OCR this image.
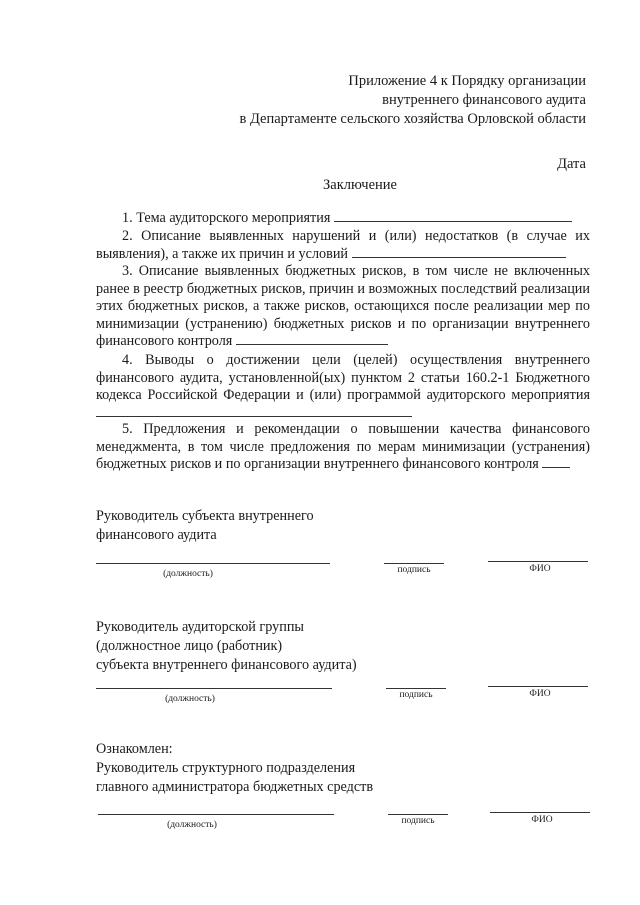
Приложение 4 к Порядку организации
внутреннего финансового аудита
в Департаменте сельского хозяйства Орловской области
Дата
Заключение
1. Тема аудиторского мероприятия
2. Описание выявленных нарушений и (или) недостатков (в случае их выявления), а также их причин и условий
3. Описание выявленных бюджетных рисков, в том числе не включенных ранее в реестр бюджетных рисков, причин и возможных последствий реализации этих бюджетных рисков, а также рисков, остающихся после реализации мер по минимизации (устранению) бюджетных рисков и по организации внутреннего финансового контроля
4. Выводы о достижении цели (целей) осуществления внутреннего финансового аудита, установленной(ых) пунктом 2 статьи 160.2-1 Бюджетного кодекса Российской Федерации и (или) программой аудиторского мероприятия
5. Предложения и рекомендации о повышении качества финансового менеджмента, в том числе предложения по мерам минимизации (устранения) бюджетных рисков и по организации внутреннего финансового контроля
Руководитель субъекта внутреннего
финансового аудита
(должность)	подпись	ФИО
Руководитель аудиторской группы
(должностное лицо (работник)
субъекта внутреннего финансового аудита)
(должность)	подпись	ФИО
Ознакомлен:
Руководитель структурного подразделения
главного администратора бюджетных средств
(должность)	подпись	ФИО
